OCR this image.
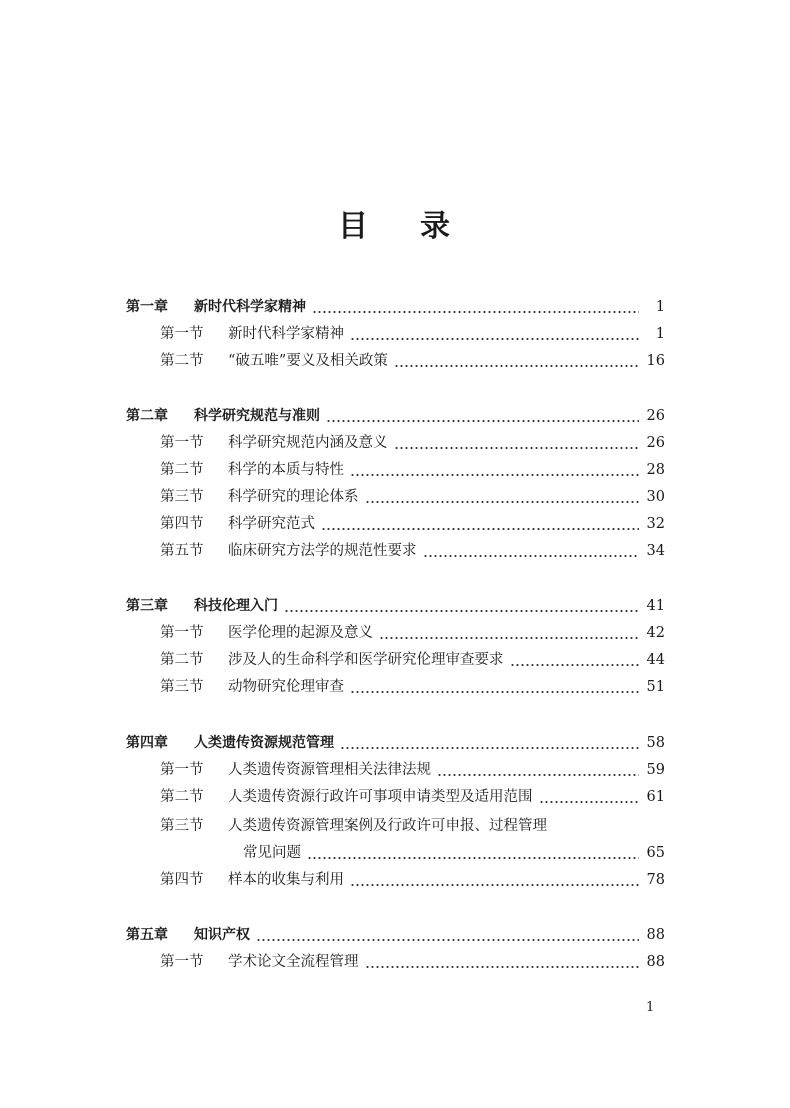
目 录
第一章	新时代科学家精神	1
第一节	新时代科学家精神	1
第二节	“破五唯”要义及相关政策	16
第二章	科学研究规范与准则	26
第一节	科学研究规范内涵及意义	26
第二节	科学的本质与特性	28
第三节	科学研究的理论体系	30
第四节	科学研究范式	32
第五节	临床研究方法学的规范性要求	34
第三章	科技伦理入门	41
第一节	医学伦理的起源及意义	42
第二节	涉及人的生命科学和医学研究伦理审查要求	44
第三节	动物研究伦理审查	51
第四章	人类遗传资源规范管理	58
第一节	人类遗传资源管理相关法律法规	59
第二节	人类遗传资源行政许可事项申请类型及适用范围	61
第三节	人类遗传资源管理案例及行政许可申报、过程管理
常见问题	65
第四节	样本的收集与利用	78
第五章	知识产权	88
第一节	学术论文全流程管理	88
1
